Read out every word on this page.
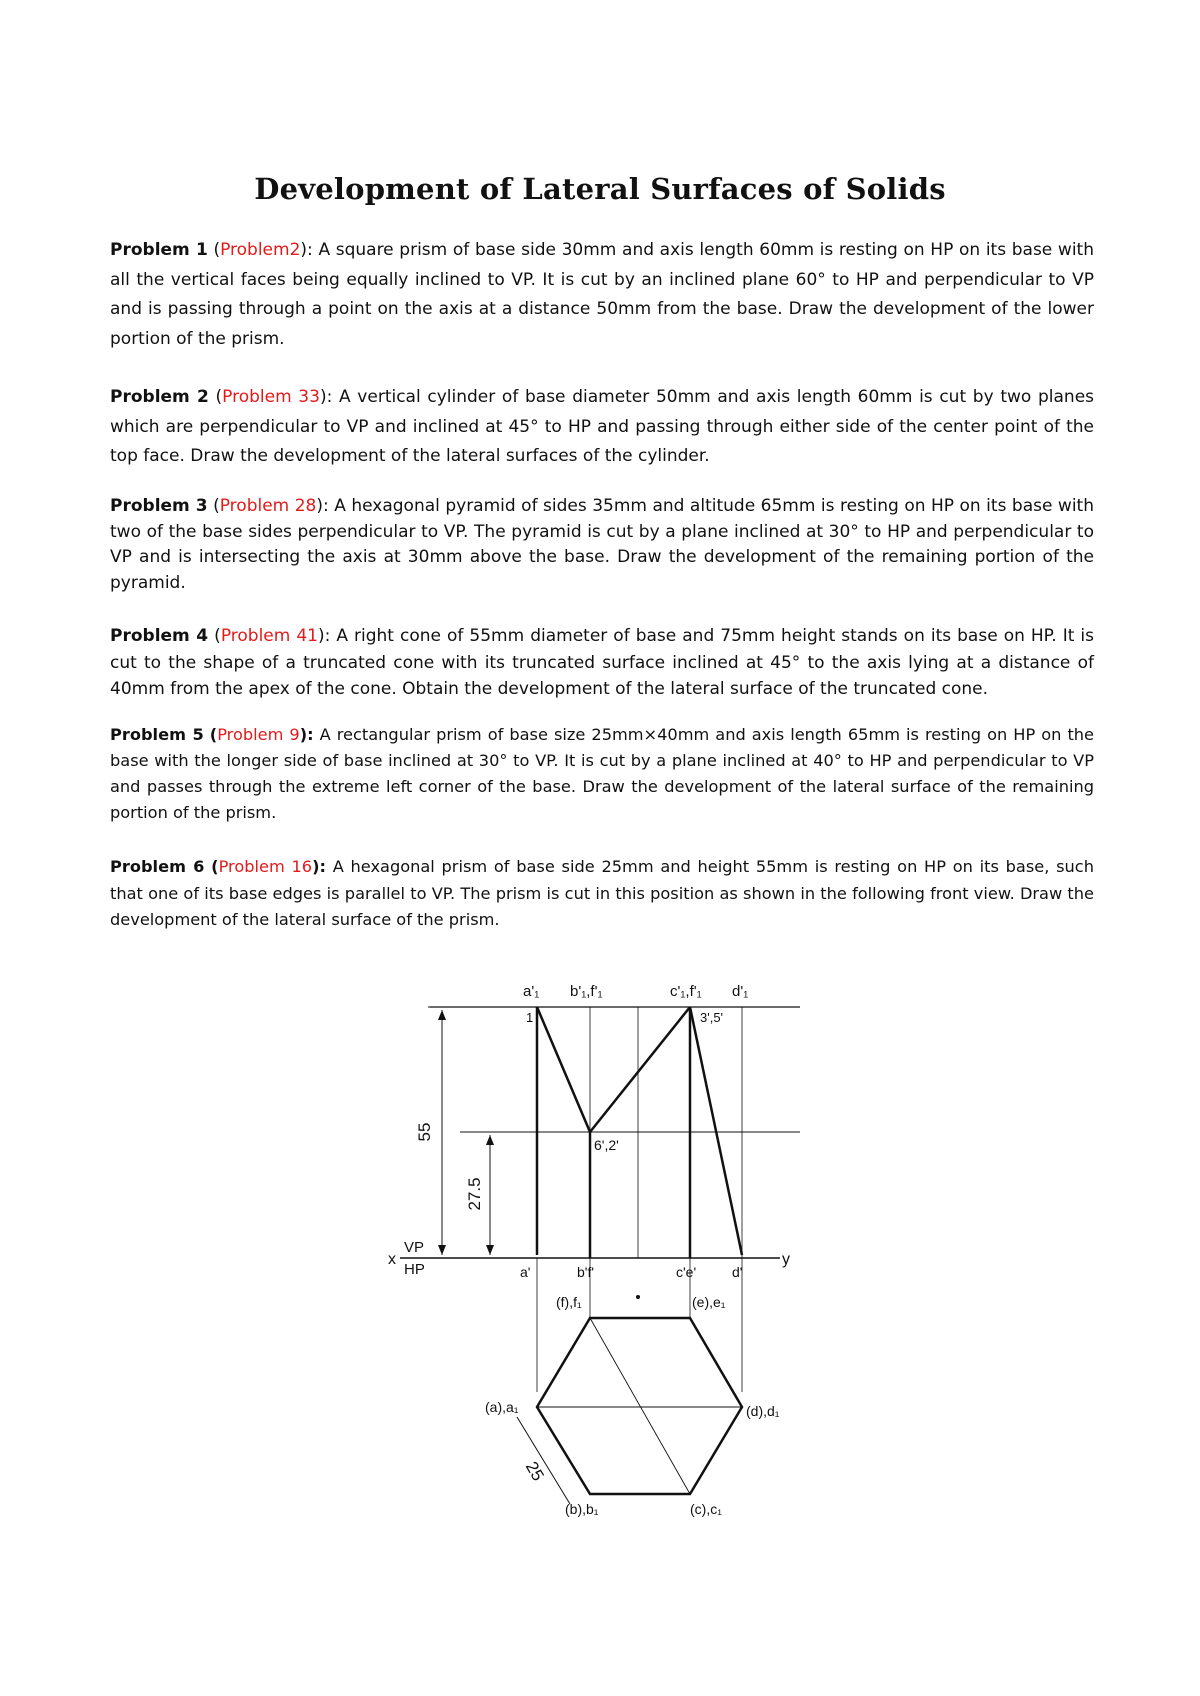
Development of Lateral Surfaces of Solids
Problem 1 (Problem2): A square prism of base side 30mm and axis length 60mm is resting on HP on its base with all the vertical faces being equally inclined to VP. It is cut by an inclined plane 60° to HP and perpendicular to VP and is passing through a point on the axis at a distance 50mm from the base. Draw the development of the lower portion of the prism.
Problem 2 (Problem 33): A vertical cylinder of base diameter 50mm and axis length 60mm is cut by two planes which are perpendicular to VP and inclined at 45° to HP and passing through either side of the center point of the top face. Draw the development of the lateral surfaces of the cylinder.
Problem 3 (Problem 28): A hexagonal pyramid of sides 35mm and altitude 65mm is resting on HP on its base with two of the base sides perpendicular to VP. The pyramid is cut by a plane inclined at 30° to HP and perpendicular to VP and is intersecting the axis at 30mm above the base. Draw the development of the remaining portion of the pyramid.
Problem 4 (Problem 41): A right cone of 55mm diameter of base and 75mm height stands on its base on HP. It is cut to the shape of a truncated cone with its truncated surface inclined at 45° to the axis lying at a distance of 40mm from the apex of the cone. Obtain the development of the lateral surface of the truncated cone.
Problem 5 (Problem 9): A rectangular prism of base size 25mm×40mm and axis length 65mm is resting on HP on the base with the longer side of base inclined at 30° to VP. It is cut by a plane inclined at 40° to HP and perpendicular to VP and passes through the extreme left corner of the base. Draw the development of the lateral surface of the remaining portion of the prism.
Problem 6 (Problem 16): A hexagonal prism of base side 25mm and height 55mm is resting on HP on its base, such that one of its base edges is parallel to VP. The prism is cut in this position as shown in the following front view. Draw the development of the lateral surface of the prism.
a'₁ b'₁,f'₁	c'₁,f'₁ d'₁
1	3',5'
6',2'
55
27.5
25
x	y
VP
HP	a'	b'f'	c'e'	d'
(f),f₁	(e),e₁
(a),a₁	(d),d₁
(b),b₁	(c),c₁
